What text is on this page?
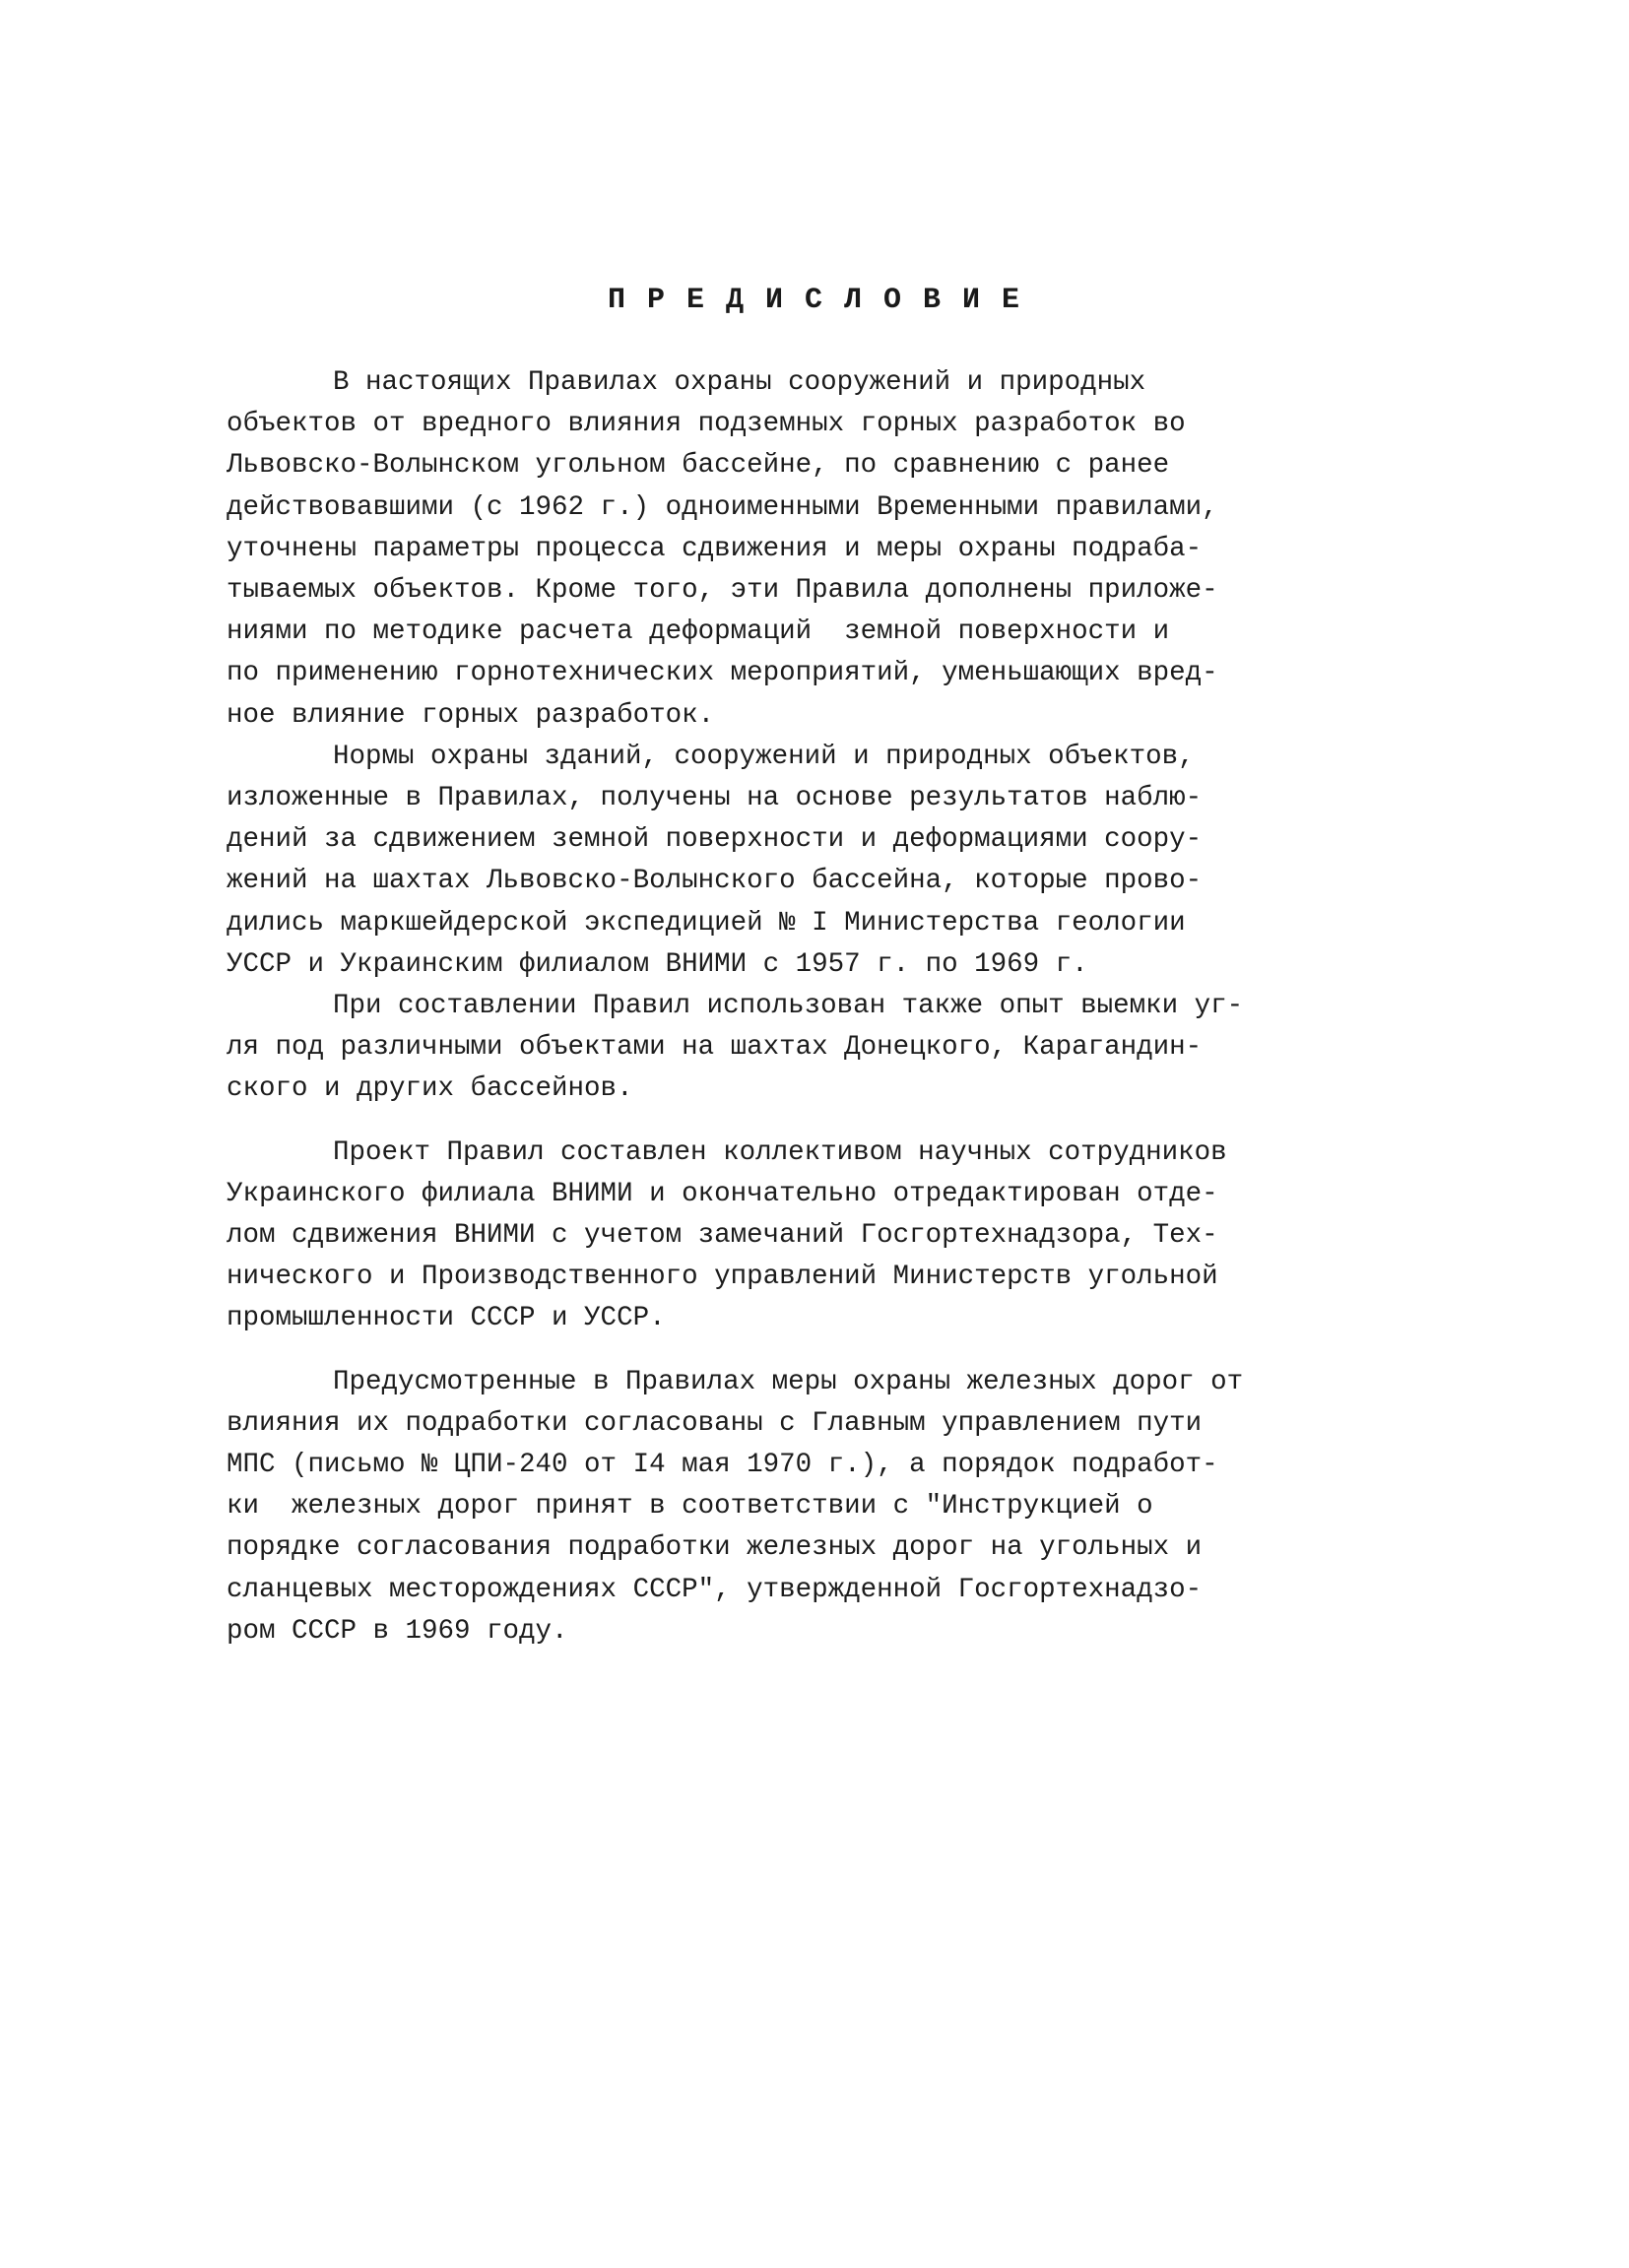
П Р Е Д И С Л О В И Е
В настоящих Правилах охраны сооружений и природных
объектов от вредного влияния подземных горных разработок во
Львовско-Волынском угольном бассейне, по сравнению с ранее
действовавшими (с 1962 г.) одноименными Временными правилами,
уточнены параметры процесса сдвижения и меры охраны подраба-
тываемых объектов. Кроме того, эти Правила дополнены приложе-
ниями по методике расчета деформаций  земной поверхности и
по применению горнотехнических мероприятий, уменьшающих вред-
ное влияние горных разработок.
Нормы охраны зданий, сооружений и природных объектов,
изложенные в Правилах, получены на основе результатов наблю-
дений за сдвижением земной поверхности и деформациями соору-
жений на шахтах Львовско-Волынского бассейна, которые прово-
дились маркшейдерской экспедицией № I Министерства геологии
УССР и Украинским филиалом ВНИМИ с 1957 г. по 1969 г.
При составлении Правил использован также опыт выемки уг-
ля под различными объектами на шахтах Донецкого, Карагандин-
ского и других бассейнов.
Проект Правил составлен коллективом научных сотрудников
Украинского филиала ВНИМИ и окончательно отредактирован отде-
лом сдвижения ВНИМИ с учетом замечаний Госгортехнадзора, Тех-
нического и Производственного управлений Министерств угольной
промышленности СССР и УССР.
Предусмотренные в Правилах меры охраны железных дорог от
влияния их подработки согласованы с Главным управлением пути
МПС (письмо № ЦПИ-240 от I4 мая 1970 г.), а порядок подработ-
ки  железных дорог принят в соответствии с "Инструкцией о
порядке согласования подработки железных дорог на угольных и
сланцевых месторождениях СССР", утвержденной Госгортехнадзо-
ром СССР в 1969 году.
